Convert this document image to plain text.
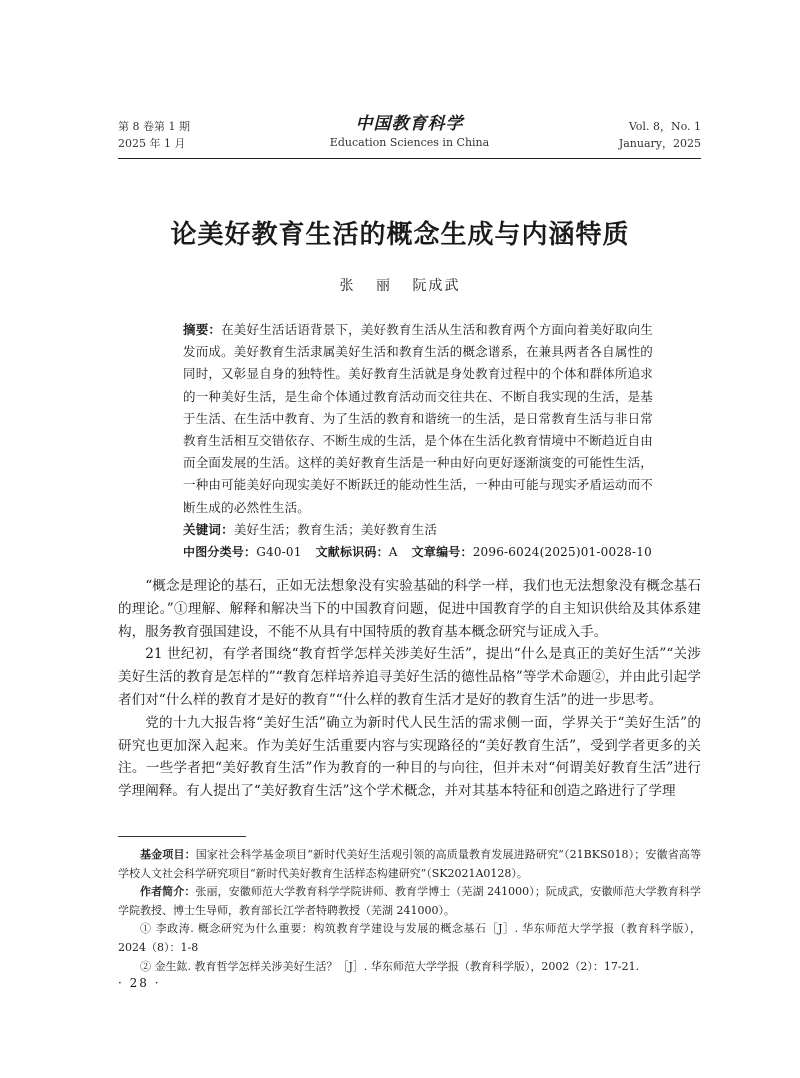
第 8 卷第 1 期
2025 年 1 月
中国教育科学
Education Sciences in China
Vol. 8，No. 1
January，2025
论美好教育生活的概念生成与内涵特质
张 丽 阮成武

摘要：在美好生活话语背景下，美好教育生活从生活和教育两个方面向着美好取向生发而成。美好教育生活隶属美好生活和教育生活的概念谱系，在兼具两者各自属性的同时，又彰显自身的独特性。美好教育生活就是身处教育过程中的个体和群体所追求的一种美好生活，是生命个体通过教育活动而交往共在、不断自我实现的生活，是基于生活、在生活中教育、为了生活的教育和谐统一的生活，是日常教育生活与非日常教育生活相互交错依存、不断生成的生活，是个体在生活化教育情境中不断趋近自由而全面发展的生活。这样的美好教育生活是一种由好向更好逐渐演变的可能性生活，一种由可能美好向现实美好不断跃迁的能动性生活，一种由可能与现实矛盾运动而不断生成的必然性生活。

关键词：美好生活；教育生活；美好教育生活

中图分类号：G40-01 文献标识码：A 文章编号：2096-6024(2025)01-0028-10

“概念是理论的基石，正如无法想象没有实验基础的科学一样，我们也无法想象没有概念基石的理论。”①理解、解释和解决当下的中国教育问题，促进中国教育学的自主知识供给及其体系建构，服务教育强国建设，不能不从具有中国特质的教育基本概念研究与证成入手。

21 世纪初，有学者围绕“教育哲学怎样关涉美好生活”，提出“什么是真正的美好生活”“关涉美好生活的教育是怎样的”“教育怎样培养追寻美好生活的德性品格”等学术命题②，并由此引起学者们对“什么样的教育才是好的教育”“什么样的教育生活才是好的教育生活”的进一步思考。

党的十九大报告将“美好生活”确立为新时代人民生活的需求侧一面，学界关于“美好生活”的研究也更加深入起来。作为美好生活重要内容与实现路径的“美好教育生活”，受到学者更多的关注。一些学者把“美好教育生活”作为教育的一种目的与向往，但并未对“何谓美好教育生活”进行学理阐释。有人提出了“美好教育生活”这个学术概念，并对其基本特征和创造之路进行了学理

基金项目：国家社会科学基金项目“新时代美好生活观引领的高质量教育发展进路研究”（21BKS018）；安徽省高等学校人文社会科学研究项目“新时代美好教育生活样态构建研究”（SK2021A0128）。

作者简介：张丽，安徽师范大学教育科学学院讲师、教育学博士（芜湖 241000）；阮成武，安徽师范大学教育科学学院教授、博士生导师，教育部长江学者特聘教授（芜湖 241000）。

① 李政涛. 概念研究为什么重要：构筑教育学建设与发展的概念基石［J］. 华东师范大学学报（教育科学版），2024（8）：1-8

② 金生鈜. 教育哲学怎样关涉美好生活？［J］. 华东师范大学学报（教育科学版），2002（2）：17-21.

· 28 ·
